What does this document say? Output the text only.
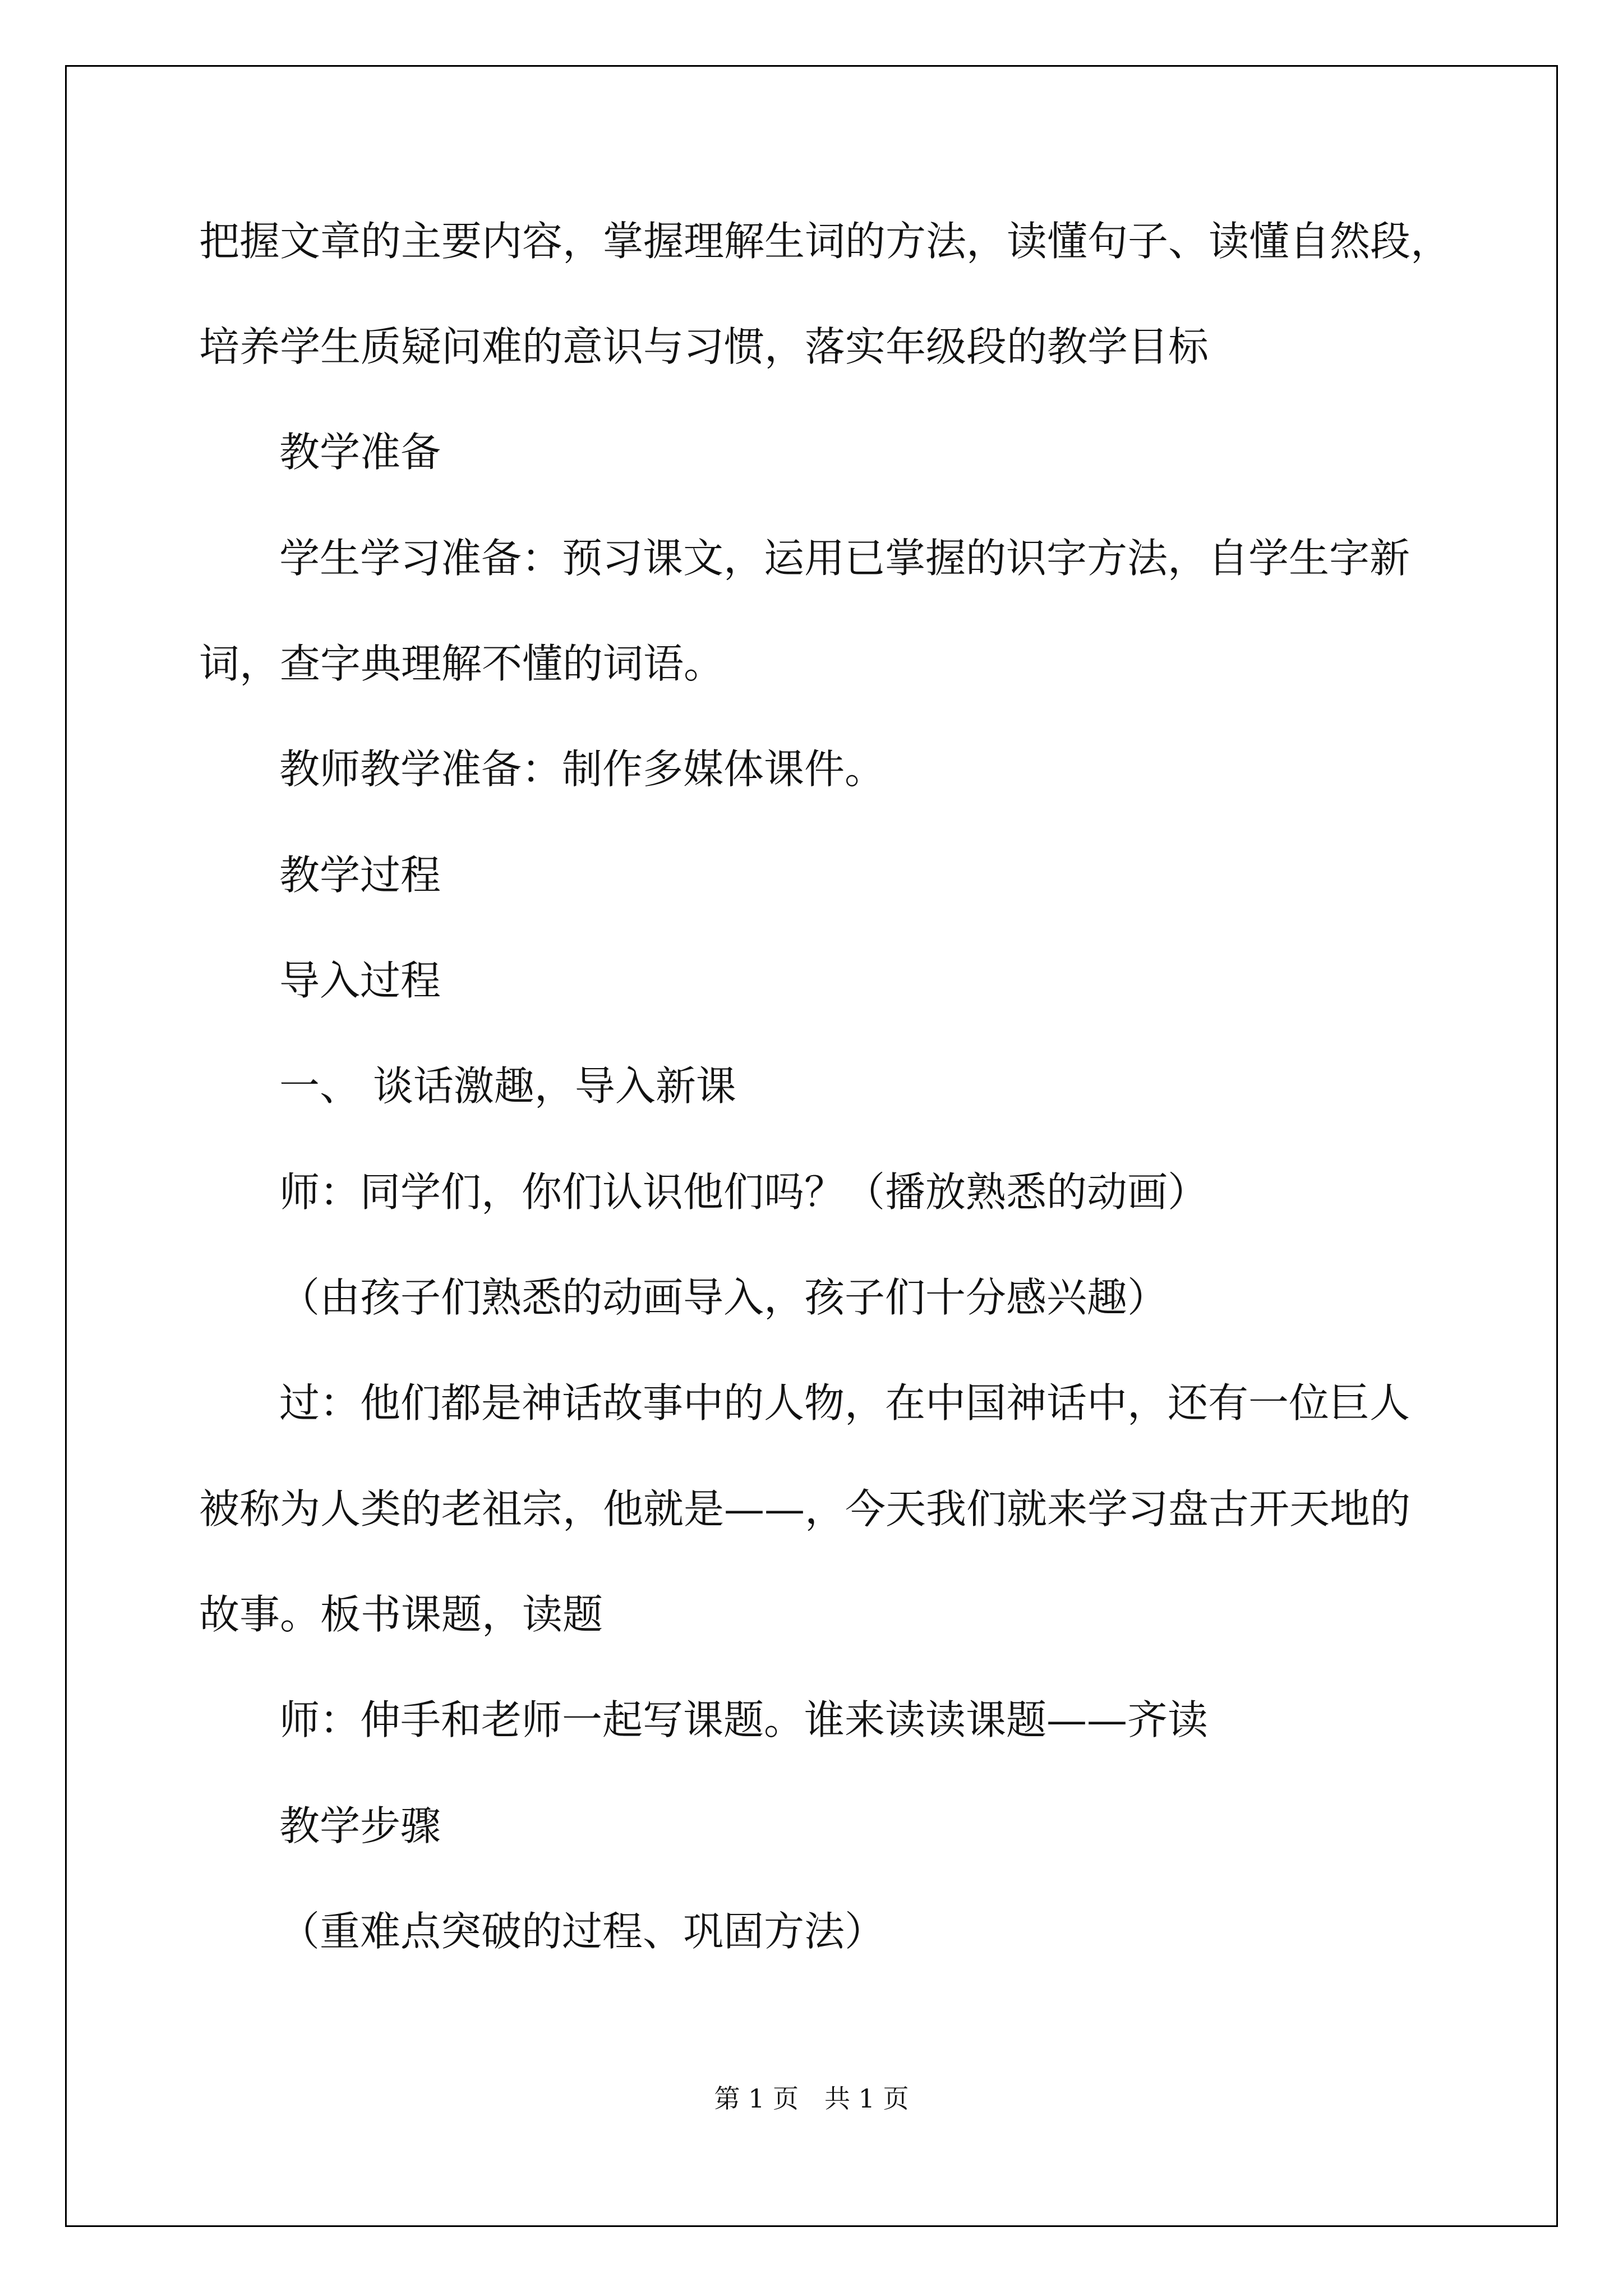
把握文章的主要内容，掌握理解生词的方法，读懂句子、读懂自然段，
培养学生质疑问难的意识与习惯，落实年级段的教学目标
教学准备
学生学习准备：预习课文，运用已掌握的识字方法，自学生字新
词，查字典理解不懂的词语。
教师教学准备：制作多媒体课件。
教学过程
导入过程
一、 谈话激趣，导入新课
师：同学们，你们认识他们吗？（播放熟悉的动画）
（由孩子们熟悉的动画导入，孩子们十分感兴趣）
过：他们都是神话故事中的人物，在中国神话中，还有一位巨人
被称为人类的老祖宗，他就是——，今天我们就来学习盘古开天地的
故事。板书课题，读题
师：伸手和老师一起写课题。谁来读读课题——齐读
教学步骤
（重难点突破的过程、巩固方法）
第 1 页　共 1 页
